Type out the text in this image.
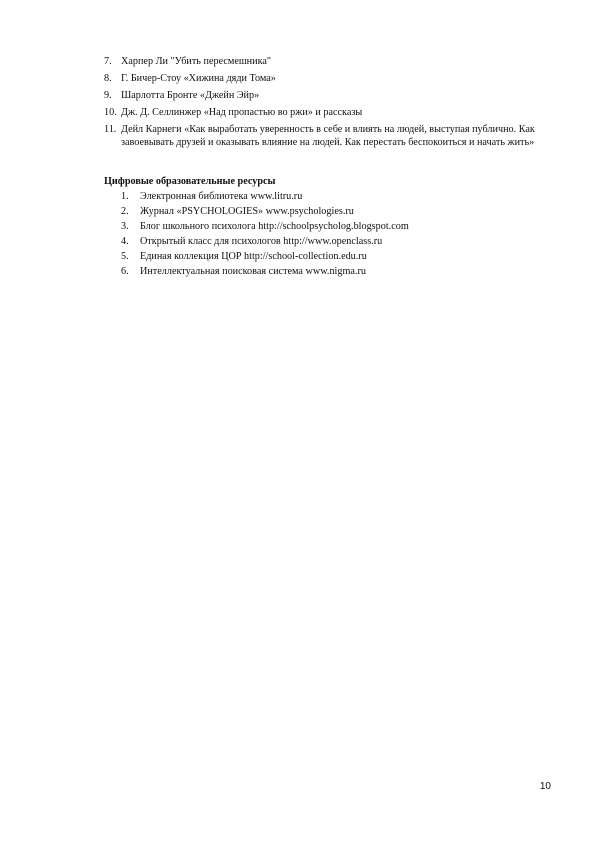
7. Харпер Ли "Убить пересмешника"
8. Г. Бичер-Стоу «Хижина дяди Тома»
9. Шарлотта Бронте «Джейн Эйр»
10. Дж. Д. Селлинжер «Над пропастью во ржи» и рассказы
11. Дейл Карнеги «Как выработать уверенность в себе и влиять на людей, выступая публично. Как завоевывать друзей и оказывать влияние на людей. Как перестать беспокоиться и начать жить»
Цифровые образовательные ресурсы
1. Электронная библиотека www.litru.ru
2. Журнал «PSYCHOLOGIES» www.psychologies.ru
3. Блог школьного психолога http://schoolpsycholog.blogspot.com
4. Открытый класс для психологов http://www.openclass.ru
5. Единая коллекция ЦОР http://school-collection.edu.ru
6. Интеллектуальная поисковая система www.nigma.ru
10
